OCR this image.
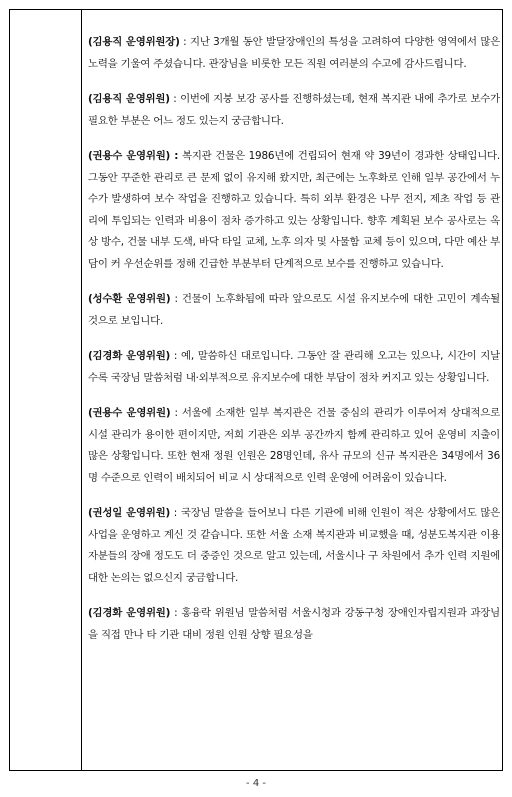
(김용직 운영위원장) : 지난 3개월 동안 발달장애인의 특성을 고려하여 다양한 영역에서 많은 노력을 기울여 주셨습니다. 관장님을 비롯한 모든 직원 여러분의 수고에 감사드립니다.

(김용직 운영위원) : 이번에 지붕 보강 공사를 진행하셨는데, 현재 복지관 내에 추가로 보수가 필요한 부분은 어느 정도 있는지 궁금합니다.

(권용수 운영위원) : 복지관 건물은 1986년에 건립되어 현재 약 39년이 경과한 상태입니다. 그동안 꾸준한 관리로 큰 문제 없이 유지해 왔지만, 최근에는 노후화로 인해 일부 공간에서 누수가 발생하여 보수 작업을 진행하고 있습니다. 특히 외부 환경은 나무 전지, 제초 작업 등 관리에 투입되는 인력과 비용이 점차 증가하고 있는 상황입니다. 향후 계획된 보수 공사로는 옥상 방수, 건물 내부 도색, 바닥 타일 교체, 노후 의자 및 사물함 교체 등이 있으며, 다만 예산 부담이 커 우선순위를 정해 긴급한 부분부터 단계적으로 보수를 진행하고 있습니다.

(성수환 운영위원) : 건물이 노후화됨에 따라 앞으로도 시설 유지보수에 대한 고민이 계속될 것으로 보입니다.

(김경화 운영위원) : 예, 말씀하신 대로입니다. 그동안 잘 관리해 오고는 있으나, 시간이 지날수록 국장님 말씀처럼 내·외부적으로 유지보수에 대한 부담이 점차 커지고 있는 상황입니다.

(권용수 운영위원) : 서울에 소재한 일부 복지관은 건물 중심의 관리가 이루어져 상대적으로 시설 관리가 용이한 편이지만, 저희 기관은 외부 공간까지 함께 관리하고 있어 운영비 지출이 많은 상황입니다. 또한 현재 정원 인원은 28명인데, 유사 규모의 신규 복지관은 34명에서 36명 수준으로 인력이 배치되어 비교 시 상대적으로 인력 운영에 어려움이 있습니다.

(권성일 운영위원) : 국장님 말씀을 들어보니 다른 기관에 비해 인원이 적은 상황에서도 많은 사업을 운영하고 계신 것 같습니다. 또한 서울 소재 복지관과 비교했을 때, 성분도복지관 이용자분들의 장애 정도도 더 중증인 것으로 알고 있는데, 서울시나 구 차원에서 추가 인력 지원에 대한 논의는 없으신지 궁금합니다.

(김경화 운영위원) : 홍융락 위원님 말씀처럼 서울시청과 강동구청 장애인자립지원과 과장님을 직접 만나 타 기관 대비 정원 인원 상향 필요성을

- 4 -
